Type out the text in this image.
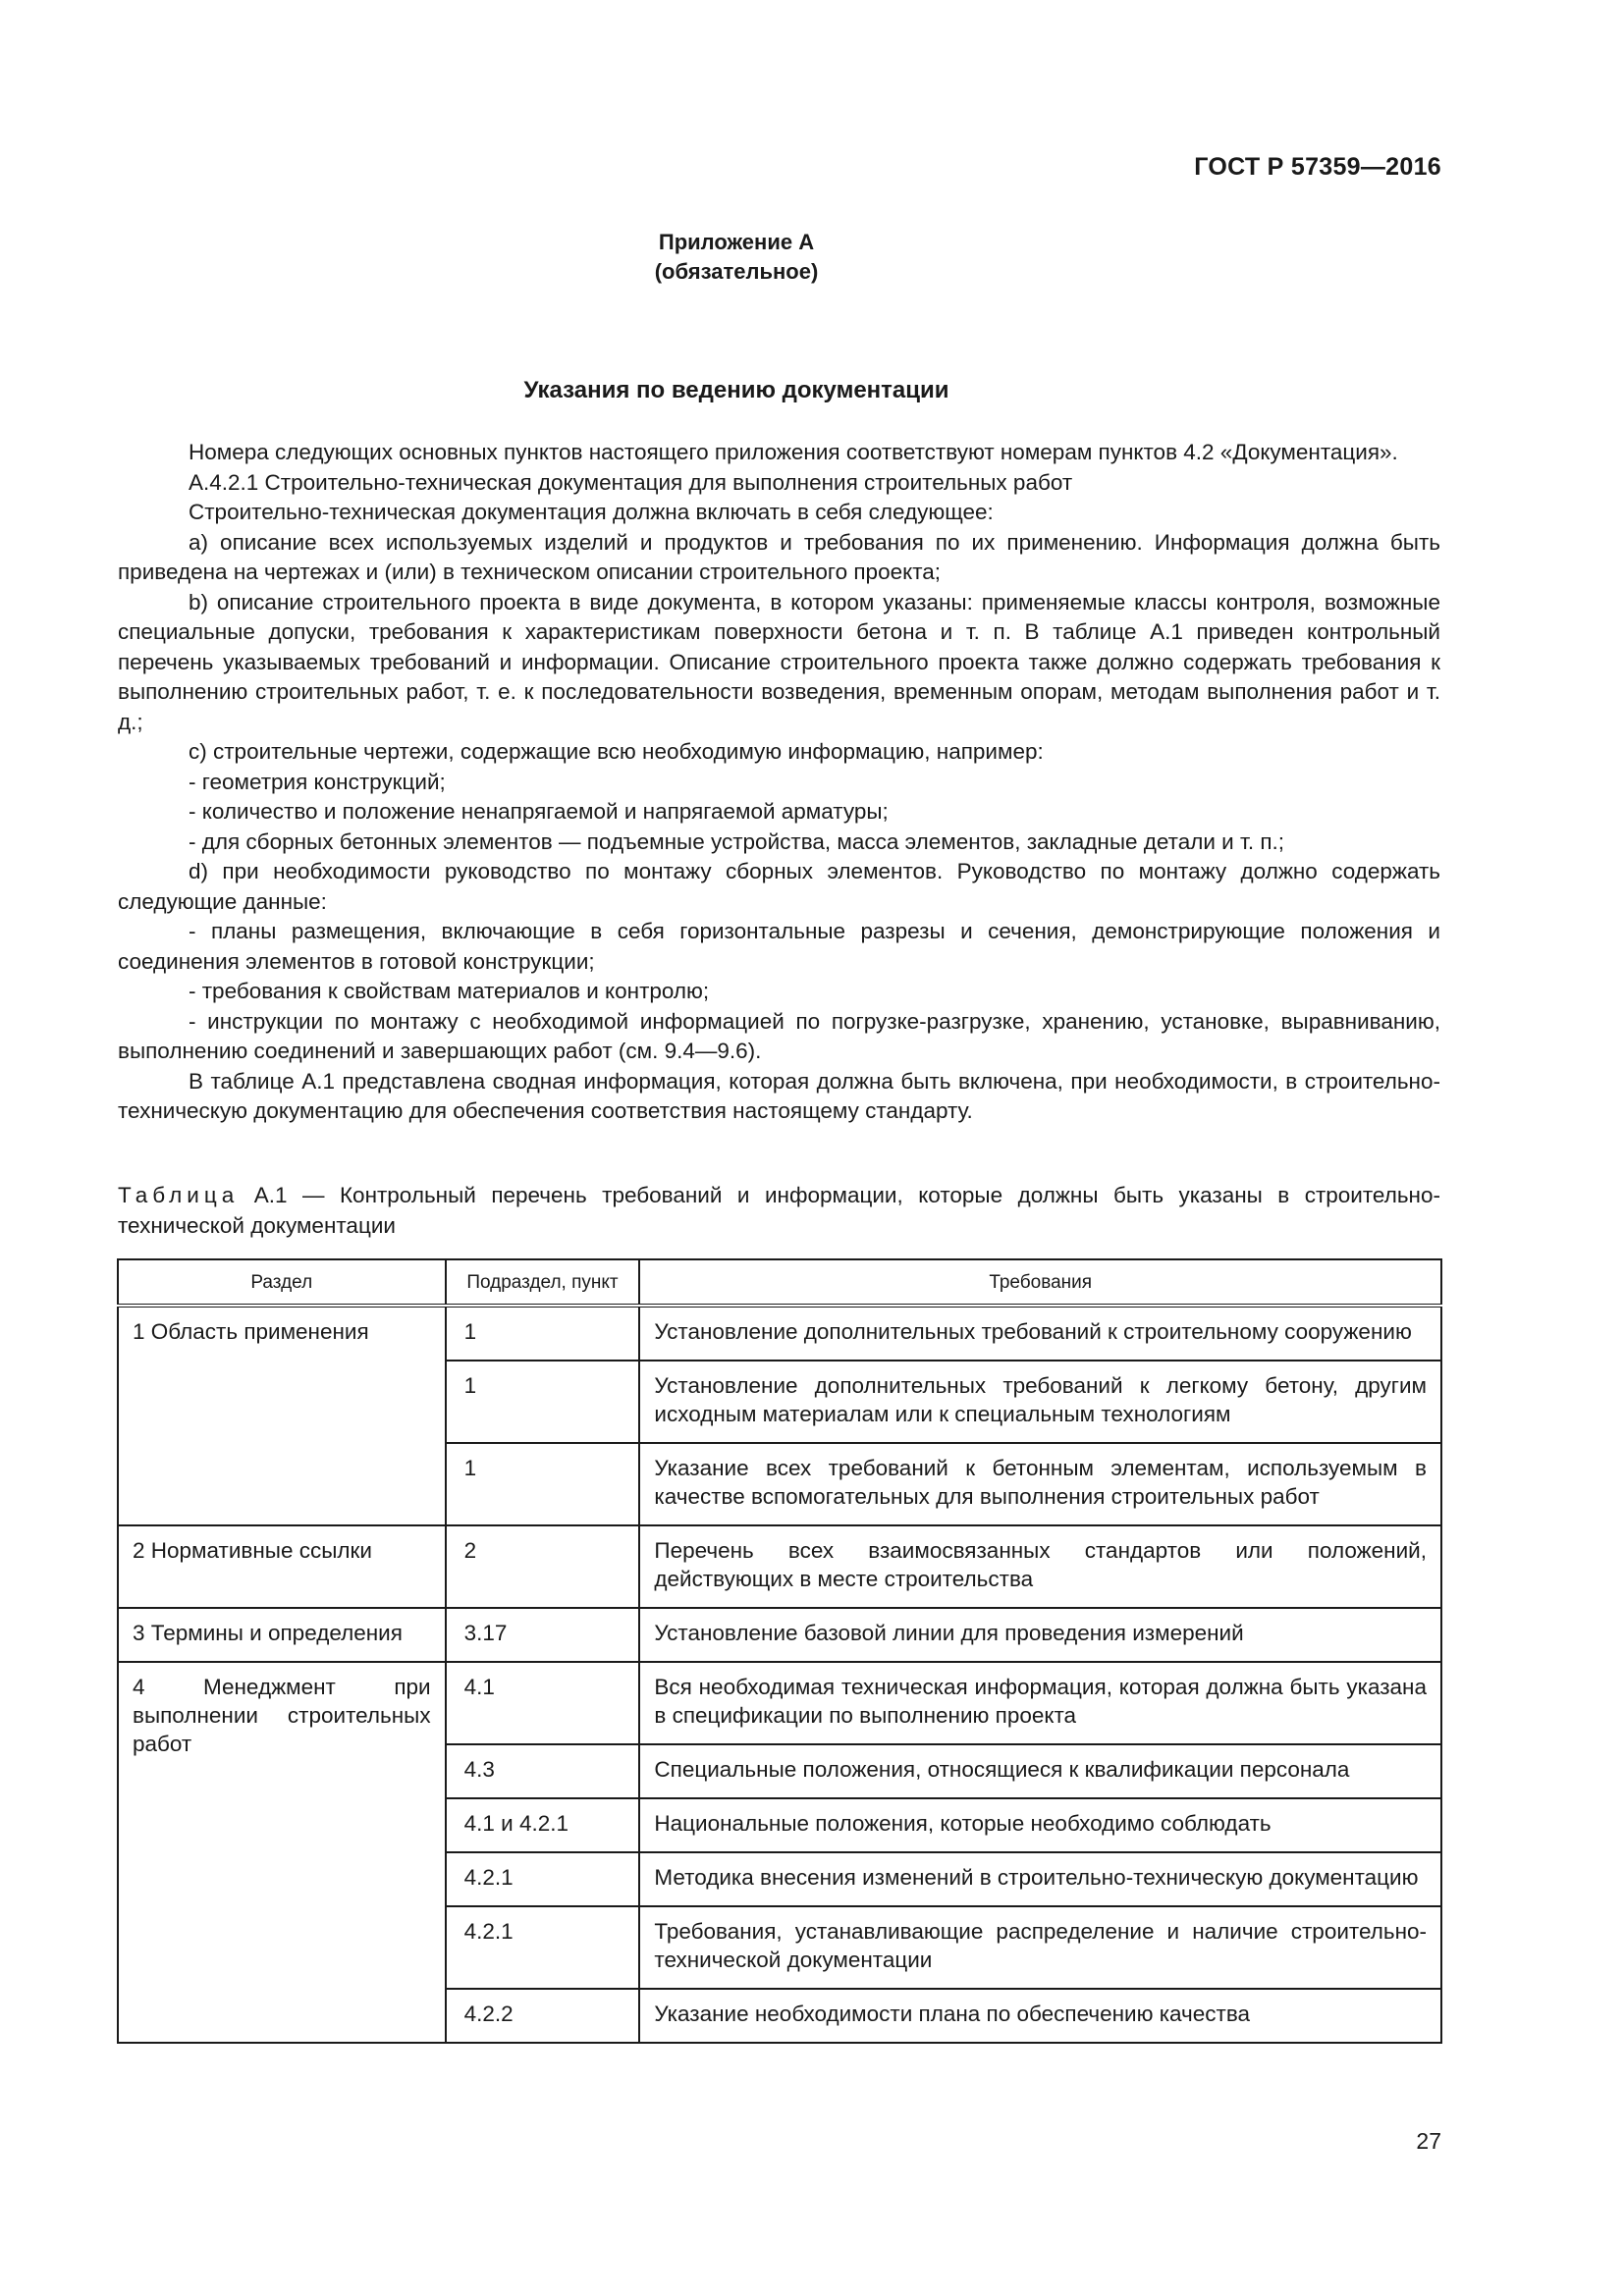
ГОСТ Р 57359—2016
Приложение А
(обязательное)
Указания по ведению документации

Номера следующих основных пунктов настоящего приложения соответствуют номерам пунктов 4.2 «Документация».

А.4.2.1 Строительно-техническая документация для выполнения строительных работ

Строительно-техническая документация должна включать в себя следующее:

a) описание всех используемых изделий и продуктов и требования по их применению. Информация должна быть приведена на чертежах и (или) в техническом описании строительного проекта;

b) описание строительного проекта в виде документа, в котором указаны: применяемые классы контроля, возможные специальные допуски, требования к характеристикам поверхности бетона и т. п. В таблице А.1 приведен контрольный перечень указываемых требований и информации. Описание строительного проекта также должно содержать требования к выполнению строительных работ, т. е. к последовательности возведения, временным опорам, методам выполнения работ и т. д.;

c) строительные чертежи, содержащие всю необходимую информацию, например:

- геометрия конструкций;

- количество и положение ненапрягаемой и напрягаемой арматуры;

- для сборных бетонных элементов — подъемные устройства, масса элементов, закладные детали и т. п.;

d) при необходимости руководство по монтажу сборных элементов. Руководство по монтажу должно содержать следующие данные:

- планы размещения, включающие в себя горизонтальные разрезы и сечения, демонстрирующие положения и соединения элементов в готовой конструкции;

- требования к свойствам материалов и контролю;

- инструкции по монтажу с необходимой информацией по погрузке-разгрузке, хранению, установке, выравниванию, выполнению соединений и завершающих работ (см. 9.4—9.6).

В таблице А.1 представлена сводная информация, которая должна быть включена, при необходимости, в строительно-техническую документацию для обеспечения соответствия настоящему стандарту.

Таблица А.1 — Контрольный перечень требований и информации, которые должны быть указаны в строительно-технической документации
Раздел	Подраздел, пункт	Требования
1 Область применения	1	Установление дополнительных требований к строительному сооружению
	1	Установление дополнительных требований к легкому бетону, другим исходным материалам или к специальным технологиям
	1	Указание всех требований к бетонным элементам, используемым в качестве вспомогательных для выполнения строительных работ
2 Нормативные ссылки	2	Перечень всех взаимосвязанных стандартов или положений, действующих в месте строительства
3 Термины и определения	3.17	Установление базовой линии для проведения измерений
4 Менеджмент при выполнении строительных работ	4.1	Вся необходимая техническая информация, которая должна быть указана в спецификации по выполнению проекта
	4.3	Специальные положения, относящиеся к квалификации персонала
	4.1 и 4.2.1	Национальные положения, которые необходимо соблюдать
	4.2.1	Методика внесения изменений в строительно-техническую документацию
	4.2.1	Требования, устанавливающие распределение и наличие строительно-технической документации
	4.2.2	Указание необходимости плана по обеспечению качества
27
